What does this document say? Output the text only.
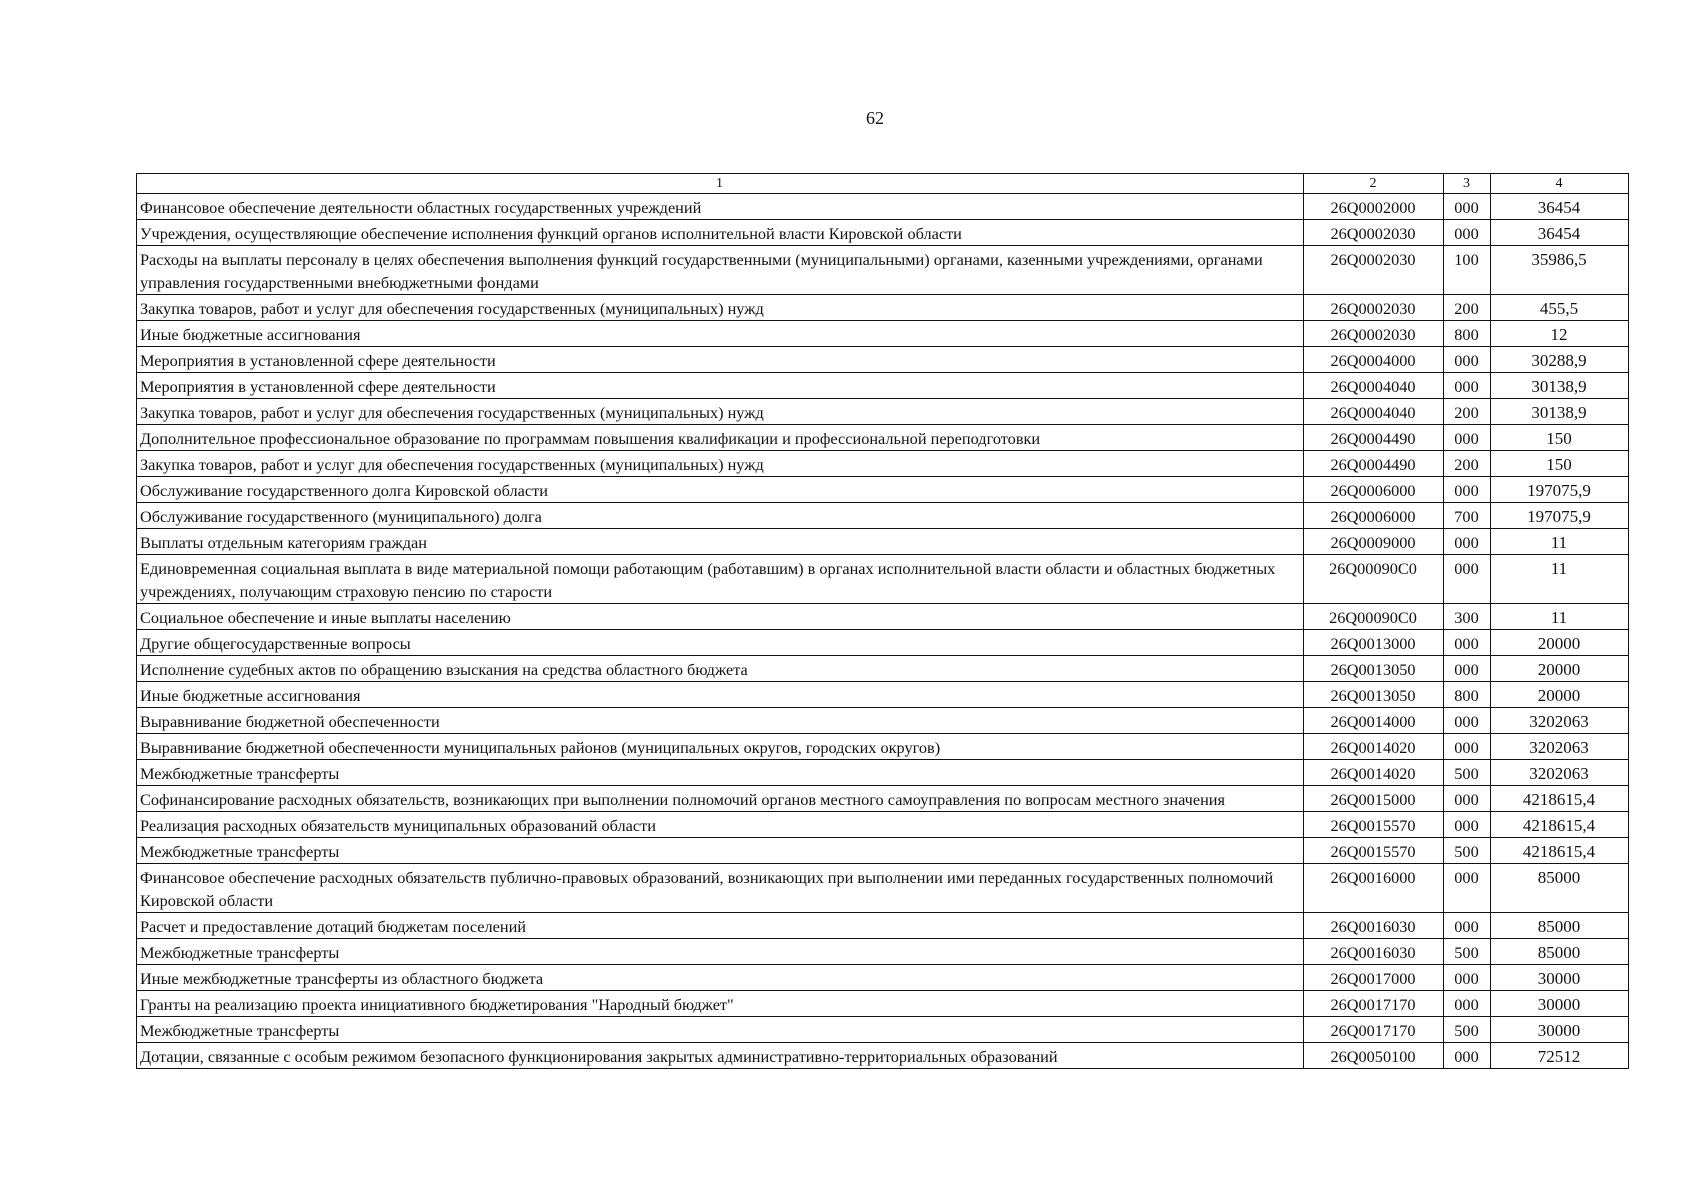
62
1	2	3	4
Финансовое обеспечение деятельности областных государственных учреждений	26Q0002000	000	36454
Учреждения, осуществляющие обеспечение исполнения функций органов исполнительной власти Кировской области	26Q0002030	000	36454
Расходы на выплаты персоналу в целях обеспечения выполнения функций государственными (муниципальными) органами, казенными учреждениями, органами управления государственными внебюджетными фондами	26Q0002030	100	35986,5
Закупка товаров, работ и услуг для обеспечения государственных (муниципальных) нужд	26Q0002030	200	455,5
Иные бюджетные ассигнования	26Q0002030	800	12
Мероприятия в установленной сфере деятельности	26Q0004000	000	30288,9
Мероприятия в установленной сфере деятельности	26Q0004040	000	30138,9
Закупка товаров, работ и услуг для обеспечения государственных (муниципальных) нужд	26Q0004040	200	30138,9
Дополнительное профессиональное образование по программам повышения квалификации и профессиональной переподготовки	26Q0004490	000	150
Закупка товаров, работ и услуг для обеспечения государственных (муниципальных) нужд	26Q0004490	200	150
Обслуживание государственного долга Кировской области	26Q0006000	000	197075,9
Обслуживание государственного (муниципального) долга	26Q0006000	700	197075,9
Выплаты отдельным категориям граждан	26Q0009000	000	11
Единовременная социальная выплата в виде материальной помощи работающим (работавшим) в органах исполнительной власти области и областных бюджетных учреждениях, получающим страховую пенсию по старости	26Q00090C0	000	11
Социальное обеспечение и иные выплаты населению	26Q00090C0	300	11
Другие общегосударственные вопросы	26Q0013000	000	20000
Исполнение судебных актов по обращению взыскания на средства областного бюджета	26Q0013050	000	20000
Иные бюджетные ассигнования	26Q0013050	800	20000
Выравнивание бюджетной обеспеченности	26Q0014000	000	3202063
Выравнивание бюджетной обеспеченности муниципальных районов (муниципальных округов, городских округов)	26Q0014020	000	3202063
Межбюджетные трансферты	26Q0014020	500	3202063
Софинансирование расходных обязательств, возникающих при выполнении полномочий органов местного самоуправления по вопросам местного значения	26Q0015000	000	4218615,4
Реализация расходных обязательств муниципальных образований области	26Q0015570	000	4218615,4
Межбюджетные трансферты	26Q0015570	500	4218615,4
Финансовое обеспечение расходных обязательств публично-правовых образований, возникающих при выполнении ими переданных государственных полномочий Кировской области	26Q0016000	000	85000
Расчет и предоставление дотаций бюджетам поселений	26Q0016030	000	85000
Межбюджетные трансферты	26Q0016030	500	85000
Иные межбюджетные трансферты из областного бюджета	26Q0017000	000	30000
Гранты на реализацию проекта инициативного бюджетирования "Народный бюджет"	26Q0017170	000	30000
Межбюджетные трансферты	26Q0017170	500	30000
Дотации, связанные с особым режимом безопасного функционирования закрытых административно-территориальных образований	26Q0050100	000	72512
